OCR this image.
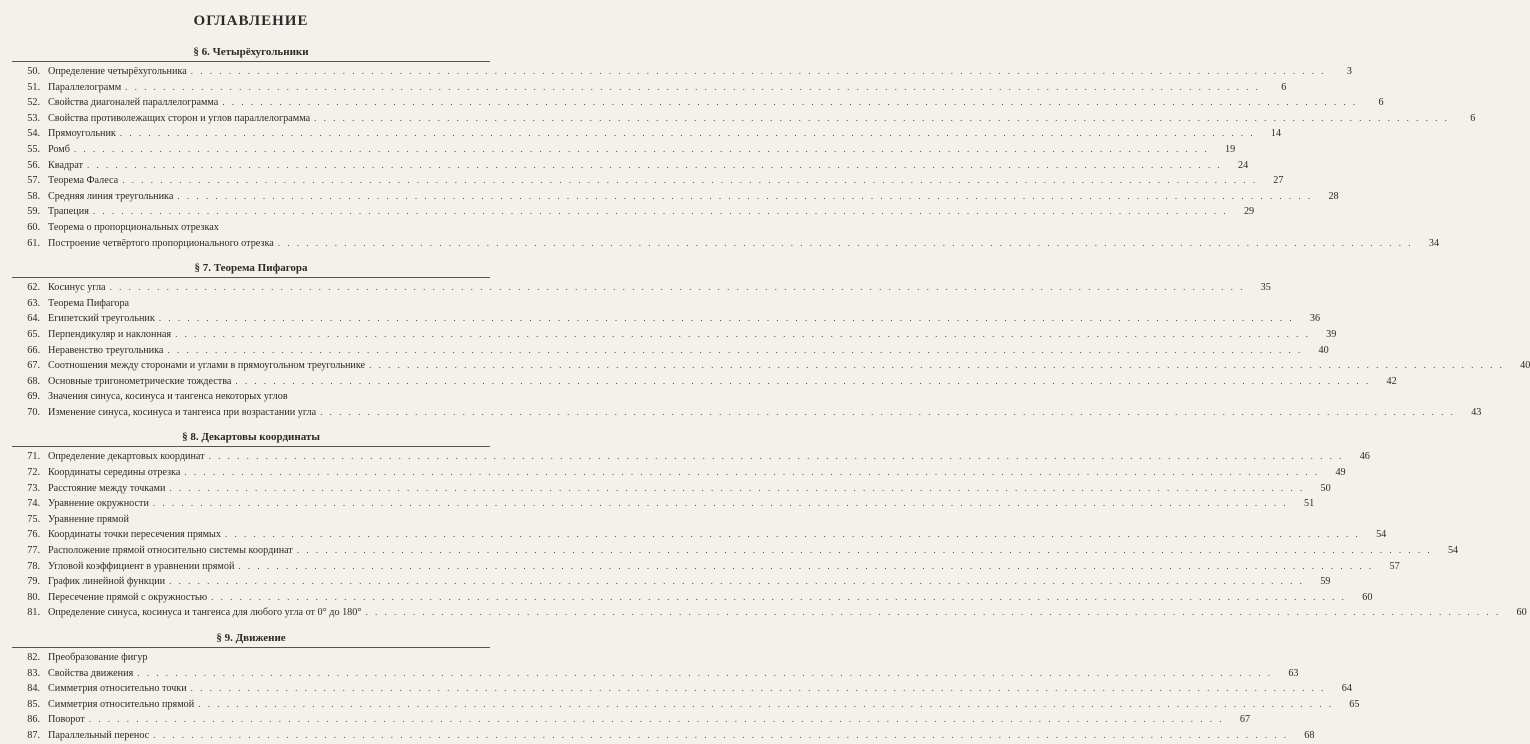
ОГЛАВЛЕНИЕ
§ 6. Четырёхугольники
50. Определение четырёхугольника . . . . . . . . . . . . . . . . . . . . . . . . . . . . . . . . . . . . . . . . . . . . . . . . . . . . . . . . . . . . . . . . . . . . . . . . . . . . . . . . . . . . . . . . . . . . . . . . . . . . . . . . . . . . . . . . . . . . . . . .	3
51. Параллелограмм . . . . . . . . . . . . . . . . . . . . . . . . . . . . . . . . . . . . . . . . . . . . . . . . . . . . . . . . . . . . . . . . . . . . . . . . . . . . . . . . . . . . . . . . . . . . . . . . . . . . . . . . . . . . . . . . . . . . . . . .	6
52. Свойства диагоналей параллелограмма . . . . . . . . . . . . . . . . . . . . . . . . . . . . . . . . . . . . . . . . . . . . . . . . . . . . . . . . . . . . . . . . . . . . . . . . . . . . . . . . . . . . . . . . . . . . . . . . . . . . . . . . . . . . . . . . . . . . . . . .	6
53. Свойства противолежащих сторон и углов параллелограмма . . . . . . . . . . . . . . . . . . . . . . . . . . . . . . . . . . . . . . . . . . . . . . . . . . . . . . . . . . . . . . . . . . . . . . . . . . . . . . . . . . . . . . . . . . . . . . . . . . . . . . . . . . . . . . . . . . . . . . . .	6
54. Прямоугольник . . . . . . . . . . . . . . . . . . . . . . . . . . . . . . . . . . . . . . . . . . . . . . . . . . . . . . . . . . . . . . . . . . . . . . . . . . . . . . . . . . . . . . . . . . . . . . . . . . . . . . . . . . . . . . . . . . . . . . . .	14
55. Ромб . . . . . . . . . . . . . . . . . . . . . . . . . . . . . . . . . . . . . . . . . . . . . . . . . . . . . . . . . . . . . . . . . . . . . . . . . . . . . . . . . . . . . . . . . . . . . . . . . . . . . . . . . . . . . . . . . . . . . . . .	19
56. Квадрат . . . . . . . . . . . . . . . . . . . . . . . . . . . . . . . . . . . . . . . . . . . . . . . . . . . . . . . . . . . . . . . . . . . . . . . . . . . . . . . . . . . . . . . . . . . . . . . . . . . . . . . . . . . . . . . . . . . . . . . .	24
57. Теорема Фалеса . . . . . . . . . . . . . . . . . . . . . . . . . . . . . . . . . . . . . . . . . . . . . . . . . . . . . . . . . . . . . . . . . . . . . . . . . . . . . . . . . . . . . . . . . . . . . . . . . . . . . . . . . . . . . . . . . . . . . . . .	27
58. Средняя линия треугольника . . . . . . . . . . . . . . . . . . . . . . . . . . . . . . . . . . . . . . . . . . . . . . . . . . . . . . . . . . . . . . . . . . . . . . . . . . . . . . . . . . . . . . . . . . . . . . . . . . . . . . . . . . . . . . . . . . . . . . . .	28
59. Трапеция . . . . . . . . . . . . . . . . . . . . . . . . . . . . . . . . . . . . . . . . . . . . . . . . . . . . . . . . . . . . . . . . . . . . . . . . . . . . . . . . . . . . . . . . . . . . . . . . . . . . . . . . . . . . . . . . . . . . . . . .	29
60. Теорема о пропорциональных отрезках
61. Построение четвёртого пропорционального отрезка . . . . . . . . . . . . . . . . . . . . . . . . . . . . . . . . . . . . . . . . . . . . . . . . . . . . . . . . . . . . . . . . . . . . . . . . . . . . . . . . . . . . . . . . . . . . . . . . . . . . . . . . . . . . . . . . . . . . . . . .	34
§ 7. Теорема Пифагора
62. Косинус угла . . . . . . . . . . . . . . . . . . . . . . . . . . . . . . . . . . . . . . . . . . . . . . . . . . . . . . . . . . . . . . . . . . . . . . . . . . . . . . . . . . . . . . . . . . . . . . . . . . . . . . . . . . . . . . . . . . . . . . . .	35
63. Теорема Пифагора
64. Египетский треугольник . . . . . . . . . . . . . . . . . . . . . . . . . . . . . . . . . . . . . . . . . . . . . . . . . . . . . . . . . . . . . . . . . . . . . . . . . . . . . . . . . . . . . . . . . . . . . . . . . . . . . . . . . . . . . . . . . . . . . . . .	36
65. Перпендикуляр и наклонная . . . . . . . . . . . . . . . . . . . . . . . . . . . . . . . . . . . . . . . . . . . . . . . . . . . . . . . . . . . . . . . . . . . . . . . . . . . . . . . . . . . . . . . . . . . . . . . . . . . . . . . . . . . . . . . . . . . . . . . .	39
66. Неравенство треугольника . . . . . . . . . . . . . . . . . . . . . . . . . . . . . . . . . . . . . . . . . . . . . . . . . . . . . . . . . . . . . . . . . . . . . . . . . . . . . . . . . . . . . . . . . . . . . . . . . . . . . . . . . . . . . . . . . . . . . . . .	40
67. Соотношения между сторонами и углами в прямоугольном треугольнике . . . . . . . . . . . . . . . . . . . . . . . . . . . . . . . . . . . . . . . . . . . . . . . . . . . . . . . . . . . . . . . . . . . . . . . . . . . . . . . . . . . . . . . . . . . . . . . . . . . . . . . . . . . . . . . . . . . . . . . .	40
68. Основные тригонометрические тождества . . . . . . . . . . . . . . . . . . . . . . . . . . . . . . . . . . . . . . . . . . . . . . . . . . . . . . . . . . . . . . . . . . . . . . . . . . . . . . . . . . . . . . . . . . . . . . . . . . . . . . . . . . . . . . . . . . . . . . . .	42
69. Значения синуса, косинуса и тангенса некоторых углов
70. Изменение синуса, косинуса и тангенса при возрастании угла . . . . . . . . . . . . . . . . . . . . . . . . . . . . . . . . . . . . . . . . . . . . . . . . . . . . . . . . . . . . . . . . . . . . . . . . . . . . . . . . . . . . . . . . . . . . . . . . . . . . . . . . . . . . . . . . . . . . . . . .	43
§ 8. Декартовы координаты
71. Определение декартовых координат . . . . . . . . . . . . . . . . . . . . . . . . . . . . . . . . . . . . . . . . . . . . . . . . . . . . . . . . . . . . . . . . . . . . . . . . . . . . . . . . . . . . . . . . . . . . . . . . . . . . . . . . . . . . . . . . . . . . . . . .	46
72. Координаты середины отрезка . . . . . . . . . . . . . . . . . . . . . . . . . . . . . . . . . . . . . . . . . . . . . . . . . . . . . . . . . . . . . . . . . . . . . . . . . . . . . . . . . . . . . . . . . . . . . . . . . . . . . . . . . . . . . . . . . . . . . . . .	49
73. Расстояние между точками . . . . . . . . . . . . . . . . . . . . . . . . . . . . . . . . . . . . . . . . . . . . . . . . . . . . . . . . . . . . . . . . . . . . . . . . . . . . . . . . . . . . . . . . . . . . . . . . . . . . . . . . . . . . . . . . . . . . . . . .	50
74. Уравнение окружности . . . . . . . . . . . . . . . . . . . . . . . . . . . . . . . . . . . . . . . . . . . . . . . . . . . . . . . . . . . . . . . . . . . . . . . . . . . . . . . . . . . . . . . . . . . . . . . . . . . . . . . . . . . . . . . . . . . . . . . .	51
75. Уравнение прямой
76. Координаты точки пересечения прямых . . . . . . . . . . . . . . . . . . . . . . . . . . . . . . . . . . . . . . . . . . . . . . . . . . . . . . . . . . . . . . . . . . . . . . . . . . . . . . . . . . . . . . . . . . . . . . . . . . . . . . . . . . . . . . . . . . . . . . . .	54
77. Расположение прямой относительно системы координат . . . . . . . . . . . . . . . . . . . . . . . . . . . . . . . . . . . . . . . . . . . . . . . . . . . . . . . . . . . . . . . . . . . . . . . . . . . . . . . . . . . . . . . . . . . . . . . . . . . . . . . . . . . . . . . . . . . . . . . .	54
78. Угловой коэффициент в уравнении прямой . . . . . . . . . . . . . . . . . . . . . . . . . . . . . . . . . . . . . . . . . . . . . . . . . . . . . . . . . . . . . . . . . . . . . . . . . . . . . . . . . . . . . . . . . . . . . . . . . . . . . . . . . . . . . . . . . . . . . . . .	57
79. График линейной функции . . . . . . . . . . . . . . . . . . . . . . . . . . . . . . . . . . . . . . . . . . . . . . . . . . . . . . . . . . . . . . . . . . . . . . . . . . . . . . . . . . . . . . . . . . . . . . . . . . . . . . . . . . . . . . . . . . . . . . . .	59
80. Пересечение прямой с окружностью . . . . . . . . . . . . . . . . . . . . . . . . . . . . . . . . . . . . . . . . . . . . . . . . . . . . . . . . . . . . . . . . . . . . . . . . . . . . . . . . . . . . . . . . . . . . . . . . . . . . . . . . . . . . . . . . . . . . . . . .	60
81. Определение синуса, косинуса и тангенса для любого угла от 0° до 180° . . . . . . . . . . . . . . . . . . . . . . . . . . . . . . . . . . . . . . . . . . . . . . . . . . . . . . . . . . . . . . . . . . . . . . . . . . . . . . . . . . . . . . . . . . . . . . . . . . . . . . . . . . . . . . . . . . . . . . . .	60
§ 9. Движение
82. Преобразование фигур
83. Свойства движения . . . . . . . . . . . . . . . . . . . . . . . . . . . . . . . . . . . . . . . . . . . . . . . . . . . . . . . . . . . . . . . . . . . . . . . . . . . . . . . . . . . . . . . . . . . . . . . . . . . . . . . . . . . . . . . . . . . . . . . .	63
84. Симметрия относительно точки . . . . . . . . . . . . . . . . . . . . . . . . . . . . . . . . . . . . . . . . . . . . . . . . . . . . . . . . . . . . . . . . . . . . . . . . . . . . . . . . . . . . . . . . . . . . . . . . . . . . . . . . . . . . . . . . . . . . . . . .	64
85. Симметрия относительно прямой . . . . . . . . . . . . . . . . . . . . . . . . . . . . . . . . . . . . . . . . . . . . . . . . . . . . . . . . . . . . . . . . . . . . . . . . . . . . . . . . . . . . . . . . . . . . . . . . . . . . . . . . . . . . . . . . . . . . . . . .	65
86. Поворот . . . . . . . . . . . . . . . . . . . . . . . . . . . . . . . . . . . . . . . . . . . . . . . . . . . . . . . . . . . . . . . . . . . . . . . . . . . . . . . . . . . . . . . . . . . . . . . . . . . . . . . . . . . . . . . . . . . . . . . .	67
87. Параллельный перенос . . . . . . . . . . . . . . . . . . . . . . . . . . . . . . . . . . . . . . . . . . . . . . . . . . . . . . . . . . . . . . . . . . . . . . . . . . . . . . . . . . . . . . . . . . . . . . . . . . . . . . . . . . . . . . . . . . . . . . . .	68
